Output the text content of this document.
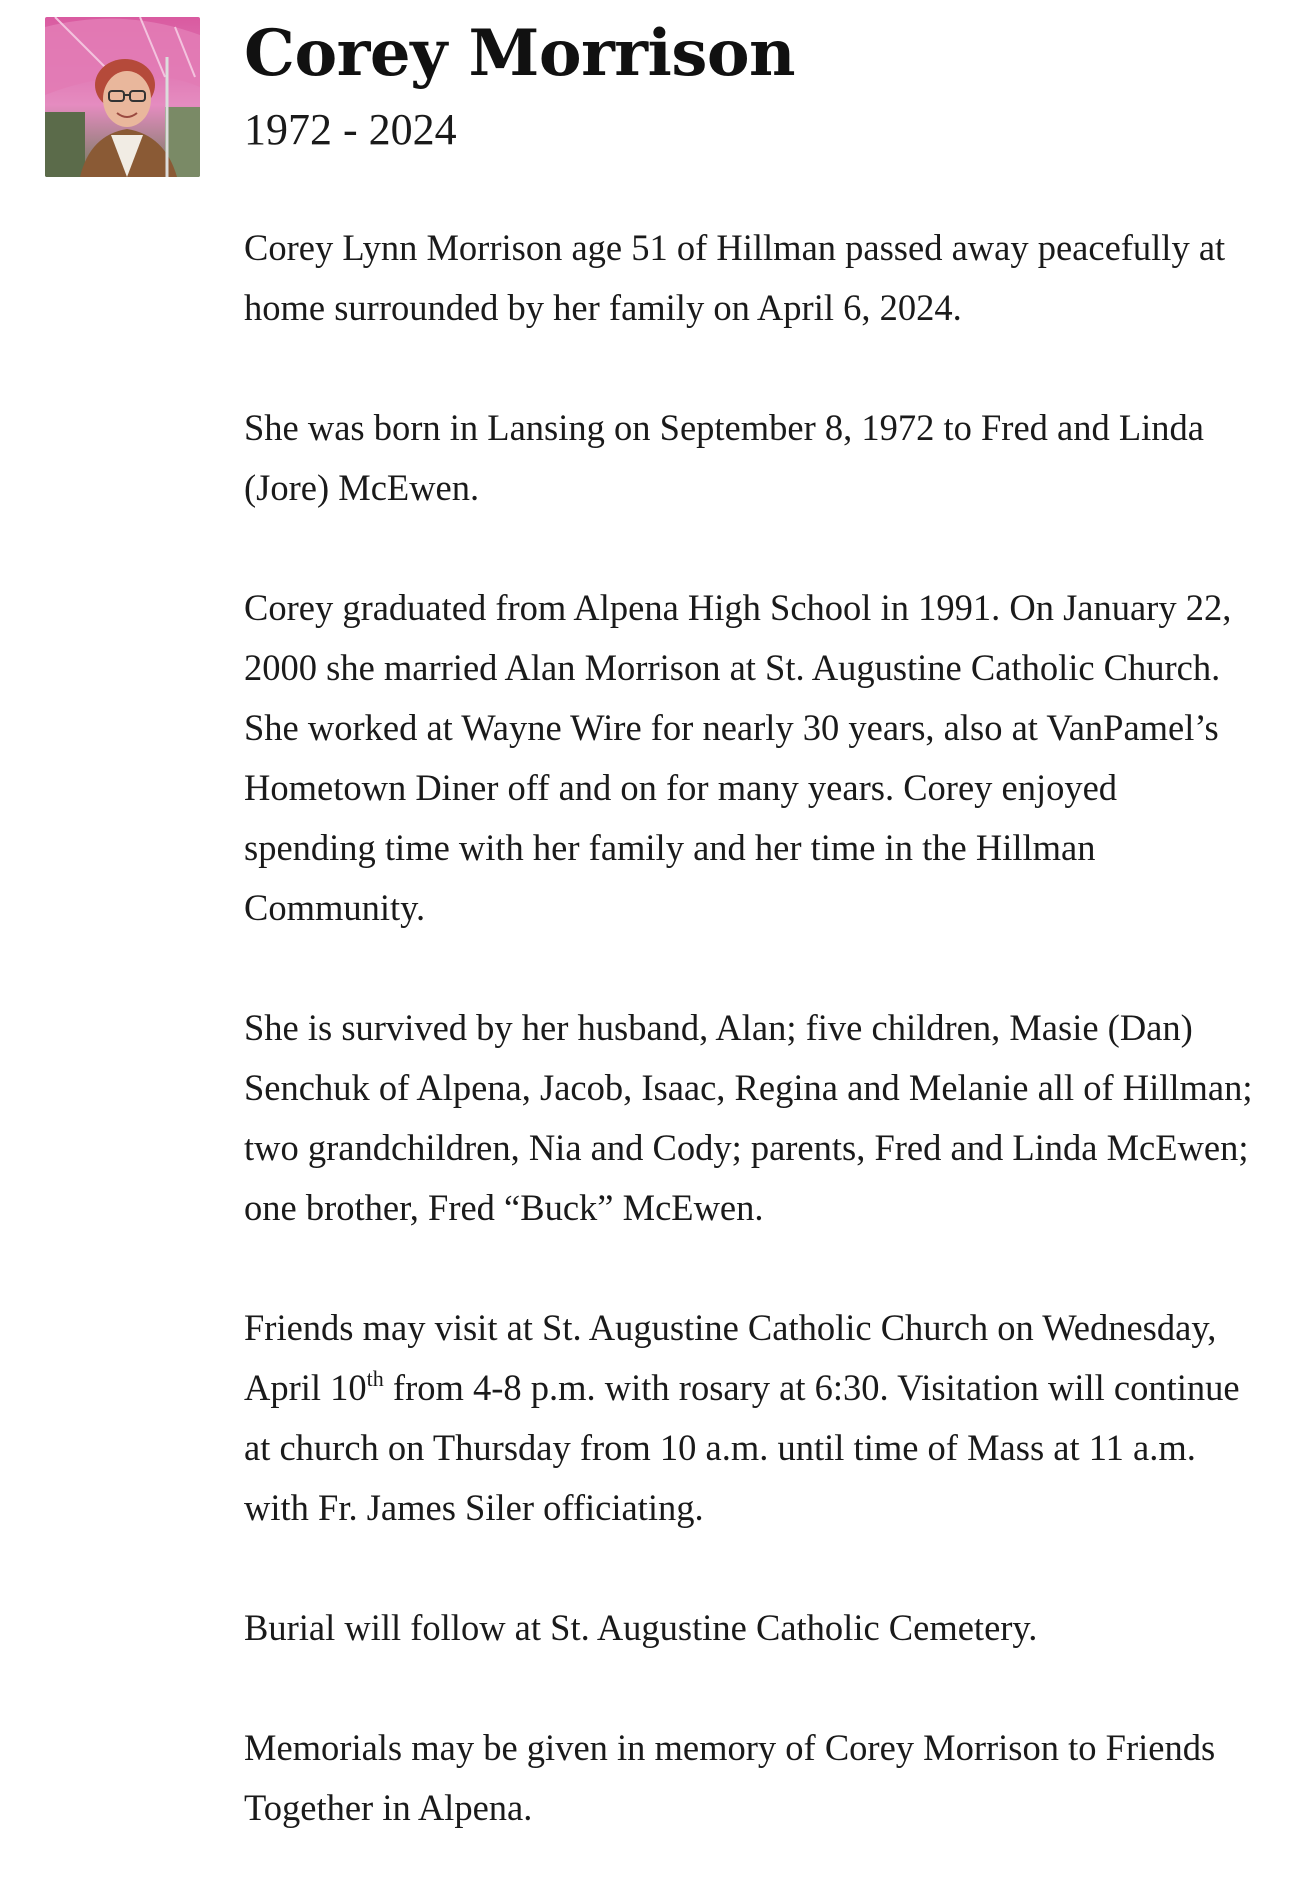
Corey Morrison
1972 - 2024

Corey Lynn Morrison age 51 of Hillman passed away peacefully at home surrounded by her family on April 6, 2024.

She was born in Lansing on September 8, 1972 to Fred and Linda (Jore) McEwen.

Corey graduated from Alpena High School in 1991. On January 22, 2000 she married Alan Morrison at St. Augustine Catholic Church. She worked at Wayne Wire for nearly 30 years, also at VanPamel’s Hometown Diner off and on for many years. Corey enjoyed spending time with her family and her time in the Hillman Community.

She is survived by her husband, Alan; five children, Masie (Dan) Senchuk of Alpena, Jacob, Isaac, Regina and Melanie all of Hillman; two grandchildren, Nia and Cody; parents, Fred and Linda McEwen; one brother, Fred “Buck” McEwen.

Friends may visit at St. Augustine Catholic Church on Wednesday, April 10th from 4-8 p.m. with rosary at 6:30. Visitation will continue at church on Thursday from 10 a.m. until time of Mass at 11 a.m. with Fr. James Siler officiating.

Burial will follow at St. Augustine Catholic Cemetery.

Memorials may be given in memory of Corey Morrison to Friends Together in Alpena.
